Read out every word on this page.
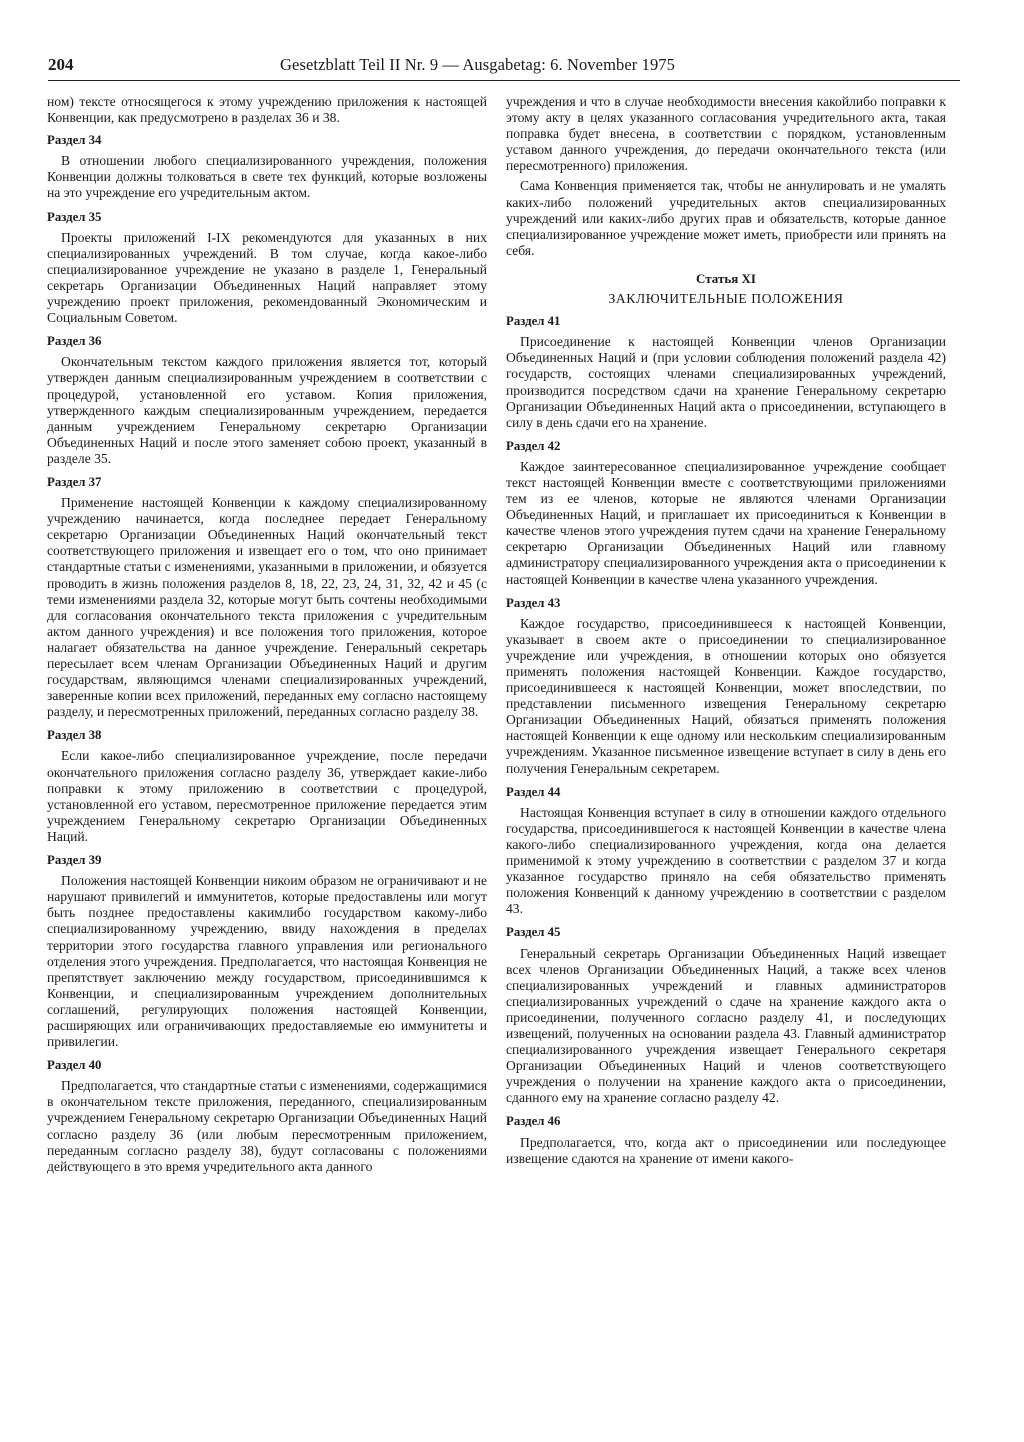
204	Gesetzblatt Teil II Nr. 9 — Ausgabetag: 6. November 1975

ном) тексте относящегося к этому учреждению приложения к настоящей Конвенции, как предусмотрено в разделах 36 и 38.

Раздел 34

В отношении любого специализированного учреждения, положения Конвенции должны толковаться в свете тех функций, которые возложены на это учреждение его учредительным актом.

Раздел 35

Проекты приложений I-IX рекомендуются для указанных в них специализированных учреждений. В том случае, когда какое-либо специализированное учреждение не указано в разделе 1, Генеральный секретарь Организации Объединенных Наций направляет этому учреждению проект приложения, рекомендованный Экономическим и Социальным Советом.

Раздел 36

Окончательным текстом каждого приложения является тот, который утвержден данным специализированным учреждением в соответствии с процедурой, установленной его уставом. Копия приложения, утвержденного каждым специализированным учреждением, передается данным учреждением Генеральному секретарю Организации Объединенных Наций и после этого заменяет собою проект, указанный в разделе 35.

Раздел 37

Применение настоящей Конвенции к каждому специализированному учреждению начинается, когда последнее передает Генеральному секретарю Организации Объединенных Наций окончательный текст соответствующего приложения и извещает его о том, что оно принимает стандартные статьи с изменениями, указанными в приложении, и обязуется проводить в жизнь положения разделов 8, 18, 22, 23, 24, 31, 32, 42 и 45 (с теми изменениями раздела 32, которые могут быть сочтены необходимыми для согласования окончательного текста приложения с учредительным актом данного учреждения) и все положения того приложения, которое налагает обязательства на данное учреждение. Генеральный секретарь пересылает всем членам Организации Объединенных Наций и другим государствам, являющимся членами специализированных учреждений, заверенные копии всех приложений, переданных ему согласно настоящему разделу, и пересмотренных приложений, переданных согласно разделу 38.

Раздел 38

Если какое-либо специализированное учреждение, после передачи окончательного приложения согласно разделу 36, утверждает какие-либо поправки к этому приложению в соответствии с процедурой, установленной его уставом, пересмотренное приложение передается этим учреждением Генеральному секретарю Организации Объединенных Наций.

Раздел 39

Положения настоящей Конвенции никоим образом не ограничивают и не нарушают привилегий и иммунитетов, которые предоставлены или могут быть позднее предоставлены какимлибо государством какому-либо специализированному учреждению, ввиду нахождения в пределах территории этого государства главного управления или регионального отделения этого учреждения. Предполагается, что настоящая Конвенция не препятствует заключению между государством, присоединившимся к Конвенции, и специализированным учреждением дополнительных соглашений, регулирующих положения настоящей Конвенции, расширяющих или ограничивающих предоставляемые ею иммунитеты и привилегии.

Раздел 40

Предполагается, что стандартные статьи с изменениями, содержащимися в окончательном тексте приложения, переданного, специализированным учреждением Генеральному секретарю Организации Объединенных Наций согласно разделу 36 (или любым пересмотренным приложением, переданным согласно разделу 38), будут согласованы с положениями действующего в это время учредительного акта данного

учреждения и что в случае необходимости внесения какойлибо поправки к этому акту в целях указанного согласования учредительного акта, такая поправка будет внесена, в соответствии с порядком, установленным уставом данного учреждения, до передачи окончательного текста (или пересмотренного) приложения.

Сама Конвенция применяется так, чтобы не аннулировать и не умалять каких-либо положений учредительных актов специализированных учреждений или каких-либо других прав и обязательств, которые данное специализированное учреждение может иметь, приобрести или принять на себя.

Статья XI
ЗАКЛЮЧИТЕЛЬНЫЕ ПОЛОЖЕНИЯ
Раздел 41

Присоединение к настоящей Конвенции членов Организации Объединенных Наций и (при условии соблюдения положений раздела 42) государств, состоящих членами специализированных учреждений, производится посредством сдачи на хранение Генеральному секретарю Организации Объединенных Наций акта о присоединении, вступающего в силу в день сдачи его на хранение.

Раздел 42

Каждое заинтересованное специализированное учреждение сообщает текст настоящей Конвенции вместе с соответствующими приложениями тем из ее членов, которые не являются членами Организации Объединенных Наций, и приглашает их присоединиться к Конвенции в качестве членов этого учреждения путем сдачи на хранение Генеральному секретарю Организации Объединенных Наций или главному администратору специализированного учреждения акта о присоединении к настоящей Конвенции в качестве члена указанного учреждения.

Раздел 43

Каждое государство, присоединившееся к настоящей Конвенции, указывает в своем акте о присоединении то специализированное учреждение или учреждения, в отношении которых оно обязуется применять положения настоящей Конвенции. Каждое государство, присоединившееся к настоящей Конвенции, может впоследствии, по представлении письменного извещения Генеральному секретарю Организации Объединенных Наций, обязаться применять положения настоящей Конвенции к еще одному или нескольким специализированным учреждениям. Указанное письменное извещение вступает в силу в день его получения Генеральным секретарем.

Раздел 44

Настоящая Конвенция вступает в силу в отношении каждого отдельного государства, присоединившегося к настоящей Конвенции в качестве члена какого-либо специализированного учреждения, когда она делается применимой к этому учреждению в соответствии с разделом 37 и когда указанное государство приняло на себя обязательство применять положения Конвенций к данному учреждению в соответствии с разделом 43.

Раздел 45

Генеральный секретарь Организации Объединенных Наций извещает всех членов Организации Объединенных Наций, а также всех членов специализированных учреждений и главных администраторов специализированных учреждений о сдаче на хранение каждого акта о присоединении, полученного согласно разделу 41, и последующих извещений, полученных на основании раздела 43. Главный администратор специализированного учреждения извещает Генерального секретаря Организации Объединенных Наций и членов соответствующего учреждения о получении на хранение каждого акта о присоединении, сданного ему на хранение согласно разделу 42.

Раздел 46

Предполагается, что, когда акт о присоединении или последующее извещение сдаются на хранение от имени какого-
